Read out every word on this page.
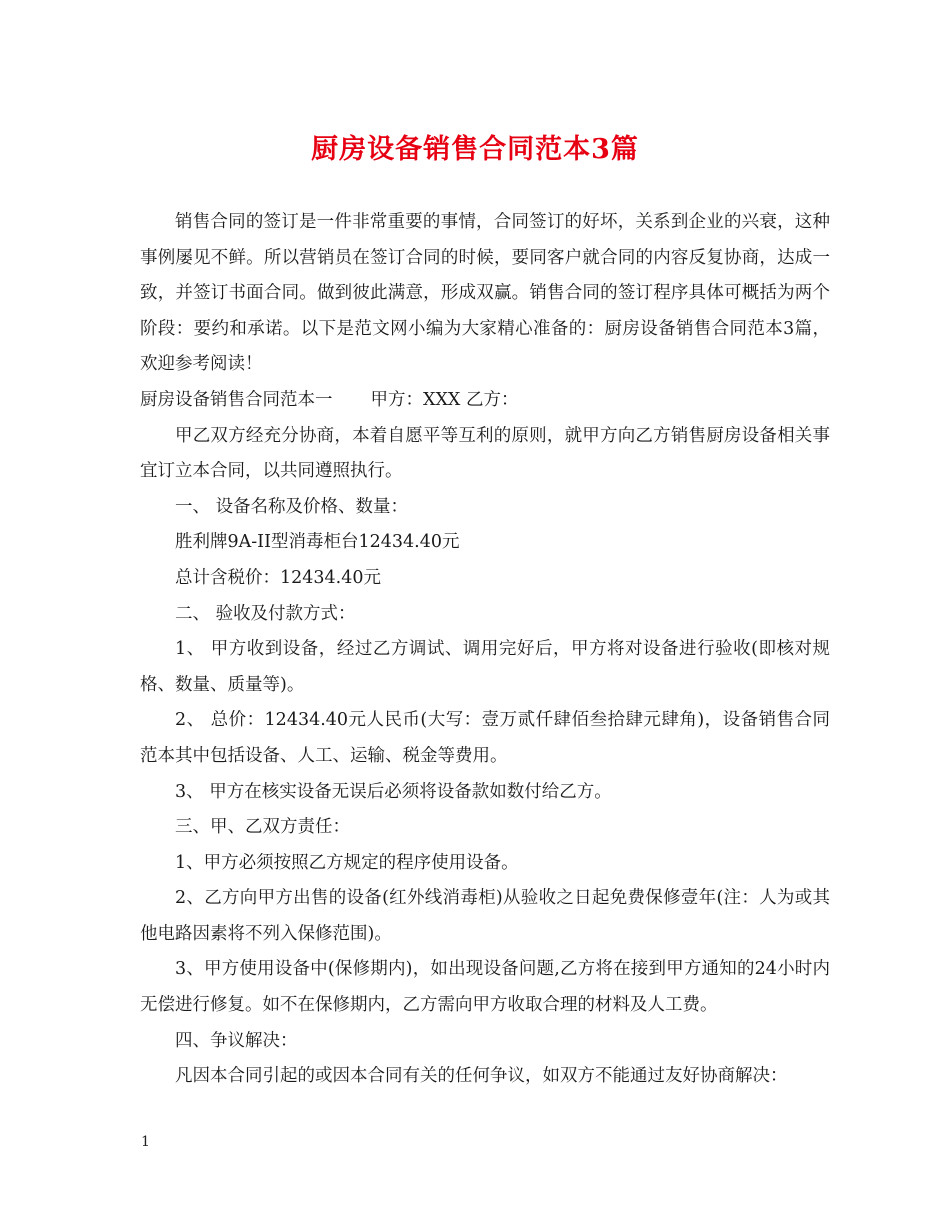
厨房设备销售合同范本3篇

销售合同的签订是一件非常重要的事情，合同签订的好坏，关系到企业的兴衰，这种事例屡见不鲜。所以营销员在签订合同的时候，要同客户就合同的内容反复协商，达成一致，并签订书面合同。做到彼此满意，形成双赢。销售合同的签订程序具体可概括为两个阶段：要约和承诺。以下是范文网小编为大家精心准备的：厨房设备销售合同范本3篇，欢迎参考阅读！

厨房设备销售合同范本一 甲方：XXX 乙方：

甲乙双方经充分协商，本着自愿平等互利的原则，就甲方向乙方销售厨房设备相关事宜订立本合同，以共同遵照执行。

一、 设备名称及价格、数量：

胜利牌9A-II型消毒柜台12434.40元

总计含税价：12434.40元

二、 验收及付款方式：

1、 甲方收到设备，经过乙方调试、调用完好后，甲方将对设备进行验收(即核对规格、数量、质量等)。

2、 总价：12434.40元人民币(大写：壹万贰仟肆佰叁拾肆元肆角)，设备销售合同范本其中包括设备、人工、运输、税金等费用。

3、 甲方在核实设备无误后必须将设备款如数付给乙方。

三、甲、乙双方责任：

1、甲方必须按照乙方规定的程序使用设备。

2、乙方向甲方出售的设备(红外线消毒柜)从验收之日起免费保修壹年(注：人为或其他电路因素将不列入保修范围)。

3、甲方使用设备中(保修期内)，如出现设备问题,乙方将在接到甲方通知的24小时内无偿进行修复。如不在保修期内，乙方需向甲方收取合理的材料及人工费。

四、争议解决：

凡因本合同引起的或因本合同有关的任何争议，如双方不能通过友好协商解决：

1
